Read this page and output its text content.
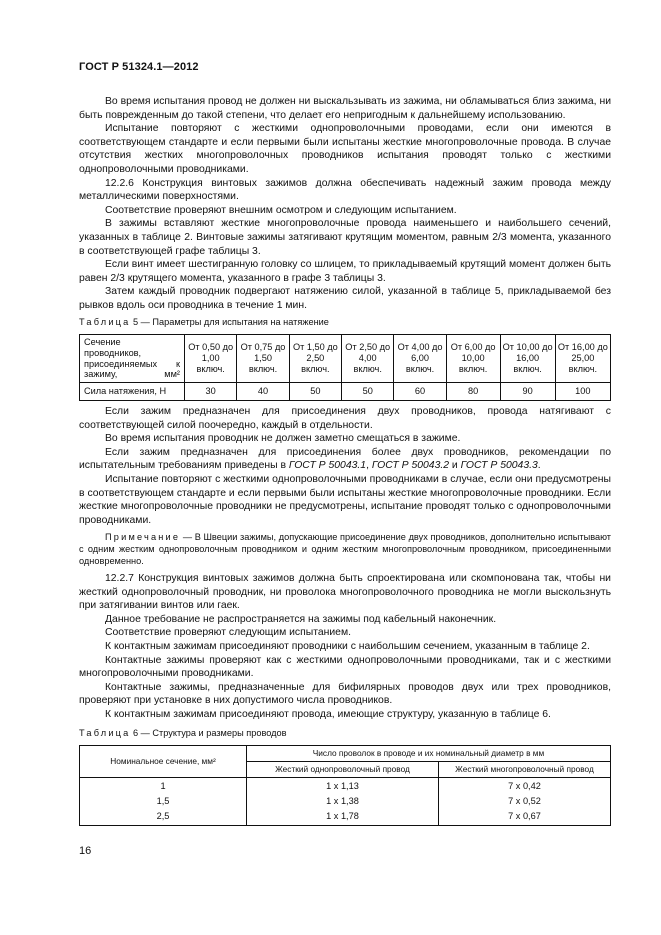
ГОСТ Р 51324.1—2012

Во время испытания провод не должен ни выскальзывать из зажима, ни обламываться близ зажима, ни быть поврежденным до такой степени, что делает его непригодным к дальнейшему использованию.

Испытание повторяют с жесткими однопроволочными проводами, если они имеются в соответствующем стандарте и если первыми были испытаны жесткие многопроволочные провода. В случае отсутствия жестких многопроволочных проводников испытания проводят только с жесткими однопроволочными проводниками.

12.2.6 Конструкция винтовых зажимов должна обеспечивать надежный зажим провода между металлическими поверхностями.

Соответствие проверяют внешним осмотром и следующим испытанием.

В зажимы вставляют жесткие многопроволочные провода наименьшего и наибольшего сечений, указанных в таблице 2. Винтовые зажимы затягивают крутящим моментом, равным 2/3 момента, указанного в соответствующей графе таблицы 3.

Если винт имеет шестигранную головку со шлицем, то прикладываемый крутящий момент должен быть равен 2/3 крутящего момента, указанного в графе 3 таблицы 3.

Затем каждый проводник подвергают натяжению силой, указанной в таблице 5, прикладываемой без рывков вдоль оси проводника в течение 1 мин.

Таблица 5 — Параметры для испытания на натяжение
Сечение проводников, присоединяемых к зажиму, мм²	От 0,50 до 1,00 включ.	От 0,75 до 1,50 включ.	От 1,50 до 2,50 включ.	От 2,50 до 4,00 включ.	От 4,00 до 6,00 включ.	От 6,00 до 10,00 включ.	От 10,00 до 16,00 включ.	От 16,00 до 25,00 включ.
Сила натяжения, Н	30	40	50	50	60	80	90	100

Если зажим предназначен для присоединения двух проводников, провода натягивают с соответствующей силой поочередно, каждый в отдельности.

Во время испытания проводник не должен заметно смещаться в зажиме.

Если зажим предназначен для присоединения более двух проводников, рекомендации по испытательным требованиям приведены в ГОСТ Р 50043.1, ГОСТ Р 50043.2 и ГОСТ Р 50043.3.

Испытание повторяют с жесткими однопроволочными проводниками в случае, если они предусмотрены в соответствующем стандарте и если первыми были испытаны жесткие многопроволочные проводники. Если жесткие многопроволочные проводники не предусмотрены, испытание проводят только с однопроволочными проводниками.

Примечание — В Швеции зажимы, допускающие присоединение двух проводников, дополнительно испытывают с одним жестким однопроволочным проводником и одним жестким многопроволочным проводником, присоединенными одновременно.

12.2.7 Конструкция винтовых зажимов должна быть спроектирована или скомпонована так, чтобы ни жесткий однопроволочный проводник, ни проволока многопроволочного проводника не могли выскользнуть при затягивании винтов или гаек.

Данное требование не распространяется на зажимы под кабельный наконечник.

Соответствие проверяют следующим испытанием.

К контактным зажимам присоединяют проводники с наибольшим сечением, указанным в таблице 2.

Контактные зажимы проверяют как с жесткими однопроволочными проводниками, так и с жесткими многопроволочными проводниками.

Контактные зажимы, предназначенные для бифилярных проводов двух или трех проводников, проверяют при установке в них допустимого числа проводников.

К контактным зажимам присоединяют провода, имеющие структуру, указанную в таблице 6.

Таблица 6 — Структура и размеры проводов
Номинальное сечение, мм²	Число проволок в проводе и их номинальный диаметр в мм	
	Жесткий однопроволочный провод	Жесткий многопроволочный провод
1	1 x 1,13	7 x 0,42
1,5	1 x 1,38	7 x 0,52
2,5	1 x 1,78	7 x 0,67
16
